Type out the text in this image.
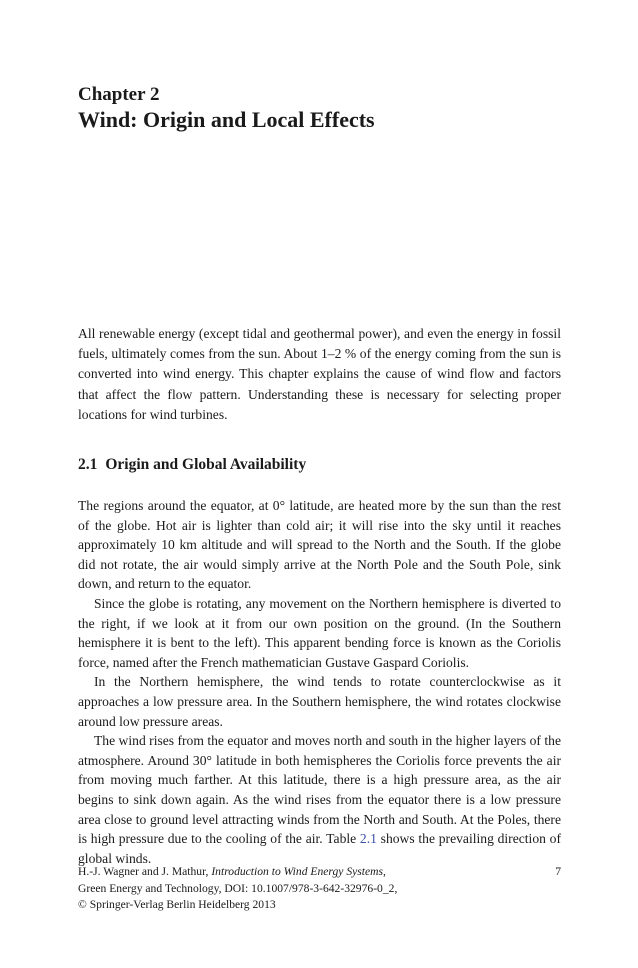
Chapter 2
Wind: Origin and Local Effects

All renewable energy (except tidal and geothermal power), and even the energy in fossil fuels, ultimately comes from the sun. About 1–2 % of the energy coming from the sun is converted into wind energy. This chapter explains the cause of wind flow and factors that affect the flow pattern. Understanding these is necessary for selecting proper locations for wind turbines.

2.1 Origin and Global Availability

The regions around the equator, at 0° latitude, are heated more by the sun than the rest of the globe. Hot air is lighter than cold air; it will rise into the sky until it reaches approximately 10 km altitude and will spread to the North and the South. If the globe did not rotate, the air would simply arrive at the North Pole and the South Pole, sink down, and return to the equator.

Since the globe is rotating, any movement on the Northern hemisphere is diverted to the right, if we look at it from our own position on the ground. (In the Southern hemisphere it is bent to the left). This apparent bending force is known as the Coriolis force, named after the French mathematician Gustave Gaspard Coriolis.

In the Northern hemisphere, the wind tends to rotate counterclockwise as it approaches a low pressure area. In the Southern hemisphere, the wind rotates clockwise around low pressure areas.

The wind rises from the equator and moves north and south in the higher layers of the atmosphere. Around 30° latitude in both hemispheres the Coriolis force prevents the air from moving much farther. At this latitude, there is a high pressure area, as the air begins to sink down again. As the wind rises from the equator there is a low pressure area close to ground level attracting winds from the North and South. At the Poles, there is high pressure due to the cooling of the air. Table 2.1 shows the prevailing direction of global winds.

H.-J. Wagner and J. Mathur, Introduction to Wind Energy Systems,
Green Energy and Technology, DOI: 10.1007/978-3-642-32976-0_2,
© Springer-Verlag Berlin Heidelberg 2013
7
